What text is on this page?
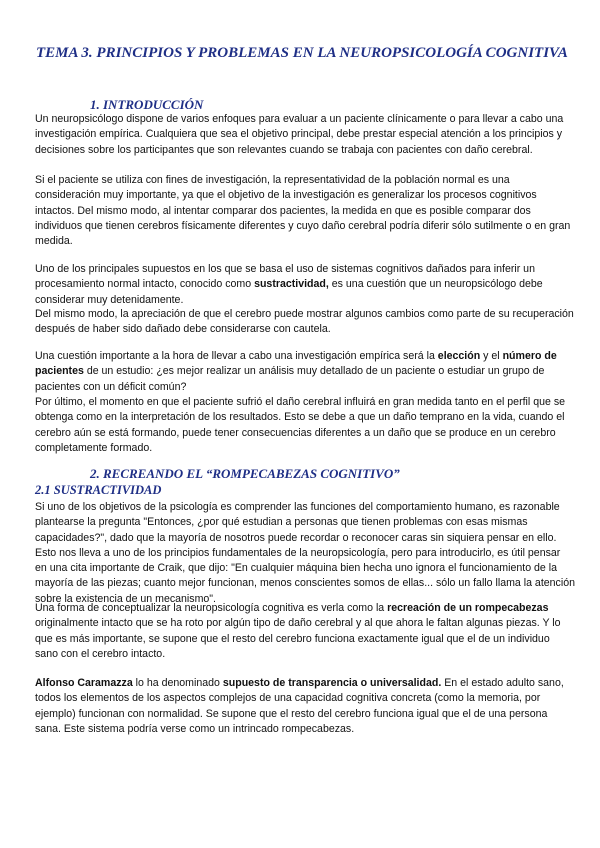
TEMA 3. PRINCIPIOS Y PROBLEMAS EN LA NEUROPSICOLOGÍA COGNITIVA
1. INTRODUCCIÓN

Un neuropsicólogo dispone de varios enfoques para evaluar a un paciente clínicamente o para llevar a cabo una investigación empírica. Cualquiera que sea el objetivo principal, debe prestar especial atención a los principios y decisiones sobre los participantes que son relevantes cuando se trabaja con pacientes con daño cerebral.

Si el paciente se utiliza con fines de investigación, la representatividad de la población normal es una consideración muy importante, ya que el objetivo de la investigación es generalizar los procesos cognitivos intactos. Del mismo modo, al intentar comparar dos pacientes, la medida en que es posible comparar dos individuos que tienen cerebros físicamente diferentes y cuyo daño cerebral podría diferir sólo sutilmente o en gran medida.

Uno de los principales supuestos en los que se basa el uso de sistemas cognitivos dañados para inferir un procesamiento normal intacto, conocido como sustractividad, es una cuestión que un neuropsicólogo debe considerar muy detenidamente.

Del mismo modo, la apreciación de que el cerebro puede mostrar algunos cambios como parte de su recuperación después de haber sido dañado debe considerarse con cautela.

Una cuestión importante a la hora de llevar a cabo una investigación empírica será la elección y el número de pacientes de un estudio: ¿es mejor realizar un análisis muy detallado de un paciente o estudiar un grupo de pacientes con un déficit común?

Por último, el momento en que el paciente sufrió el daño cerebral influirá en gran medida tanto en el perfil que se obtenga como en la interpretación de los resultados. Esto se debe a que un daño temprano en la vida, cuando el cerebro aún se está formando, puede tener consecuencias diferentes a un daño que se produce en un cerebro completamente formado.

2. RECREANDO EL “ROMPECABEZAS COGNITIVO”
2.1 SUSTRACTIVIDAD

Si uno de los objetivos de la psicología es comprender las funciones del comportamiento humano, es razonable plantearse la pregunta "Entonces, ¿por qué estudian a personas que tienen problemas con esas mismas capacidades?", dado que la mayoría de nosotros puede recordar o reconocer caras sin siquiera pensar en ello. Esto nos lleva a uno de los principios fundamentales de la neuropsicología, pero para introducirlo, es útil pensar en una cita importante de Craik, que dijo: "En cualquier máquina bien hecha uno ignora el funcionamiento de la mayoría de las piezas; cuanto mejor funcionan, menos conscientes somos de ellas... sólo un fallo llama la atención sobre la existencia de un mecanismo".

Una forma de conceptualizar la neuropsicología cognitiva es verla como la recreación de un rompecabezas originalmente intacto que se ha roto por algún tipo de daño cerebral y al que ahora le faltan algunas piezas. Y lo que es más importante, se supone que el resto del cerebro funciona exactamente igual que el de un individuo sano con el cerebro intacto.

Alfonso Caramazza lo ha denominado supuesto de transparencia o universalidad. En el estado adulto sano, todos los elementos de los aspectos complejos de una capacidad cognitiva concreta (como la memoria, por ejemplo) funcionan con normalidad. Se supone que el resto del cerebro funciona igual que el de una persona sana. Este sistema podría verse como un intrincado rompecabezas.
